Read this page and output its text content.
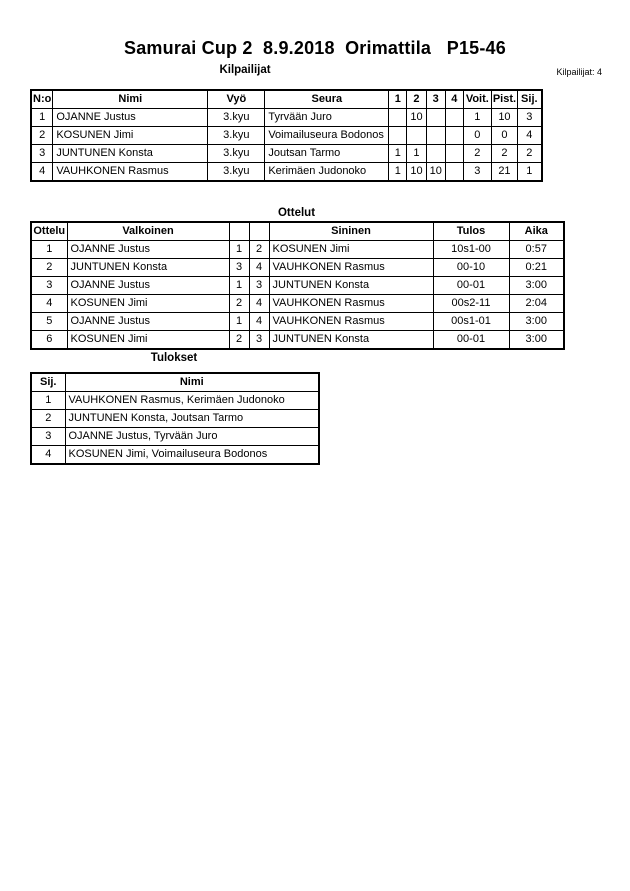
Samurai Cup 2  8.9.2018  Orimattila   P15-46
Kilpailijat: 4
Kilpailijat
N:o	Nimi	Vyö	Seura	1	2	3	4	Voit.	Pist.	Sij.
1	OJANNE Justus	3.kyu	Tyrvään Juro		10			1	10	3
2	KOSUNEN Jimi	3.kyu	Voimailuseura Bodonos					0	0	4
3	JUNTUNEN Konsta	3.kyu	Joutsan Tarmo	1	1			2	2	2
4	VAUHKONEN Rasmus	3.kyu	Kerimäen Judonoko	1	10	10		3	21	1
Ottelut
Ottelu	Valkoinen			Sininen	Tulos	Aika
1	OJANNE Justus	1	2	KOSUNEN Jimi	10s1-00	0:57
2	JUNTUNEN Konsta	3	4	VAUHKONEN Rasmus	00-10	0:21
3	OJANNE Justus	1	3	JUNTUNEN Konsta	00-01	3:00
4	KOSUNEN Jimi	2	4	VAUHKONEN Rasmus	00s2-11	2:04
5	OJANNE Justus	1	4	VAUHKONEN Rasmus	00s1-01	3:00
6	KOSUNEN Jimi	2	3	JUNTUNEN Konsta	00-01	3:00
Tulokset
Sij.	Nimi
1	VAUHKONEN Rasmus, Kerimäen Judonoko
2	JUNTUNEN Konsta, Joutsan Tarmo
3	OJANNE Justus, Tyrvään Juro
4	KOSUNEN Jimi, Voimailuseura Bodonos
